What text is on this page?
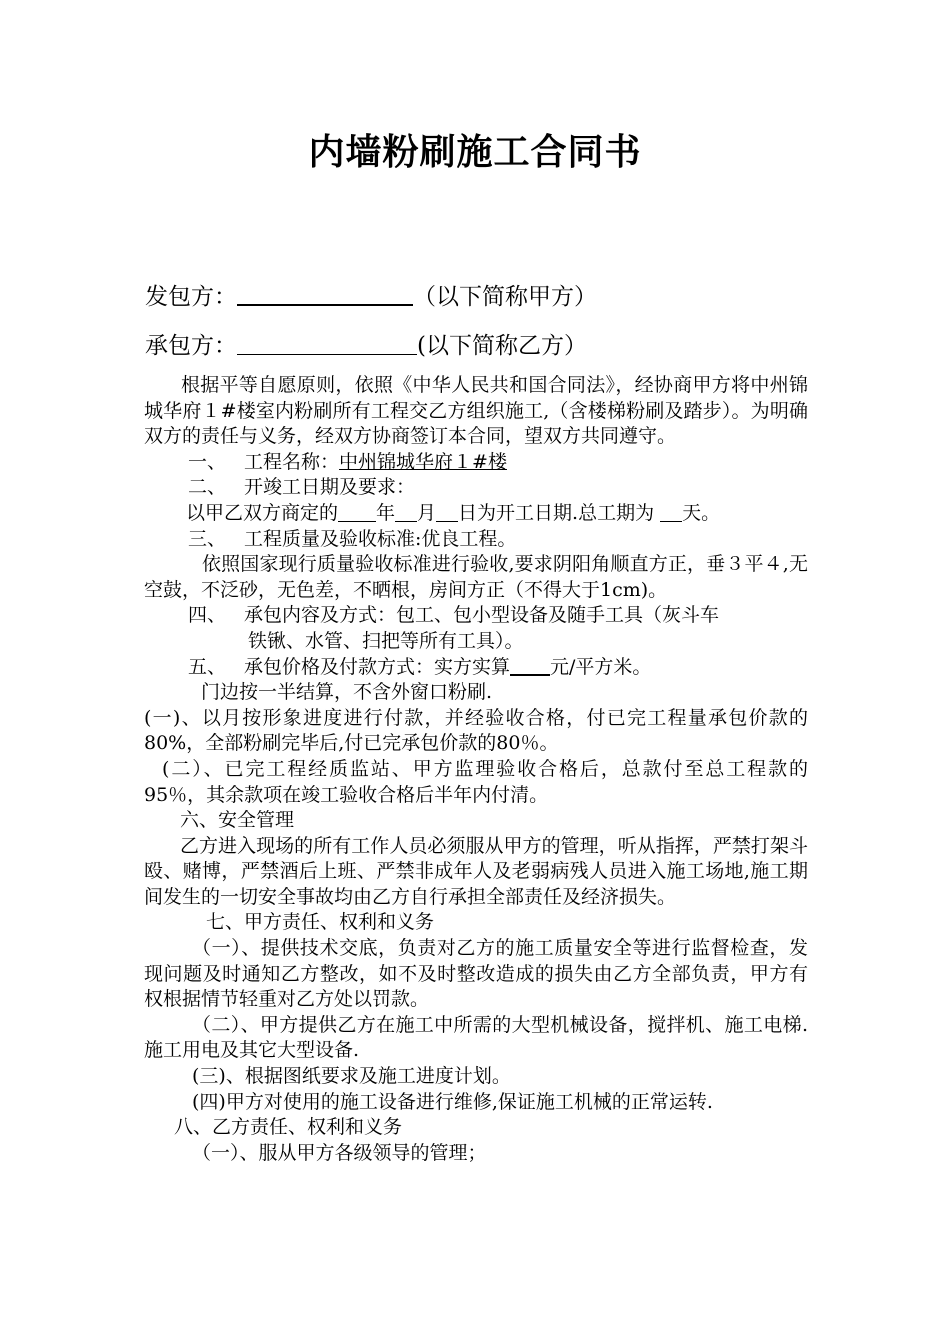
内墙粉刷施工合同书
发包方：	（以下简称甲方）
承包方：	(以下简称乙方）

根据平等自愿原则，依照《中华人民共和国合同法》，经协商甲方将中州锦城华府１#楼室内粉刷所有工程交乙方组织施工,（含楼梯粉刷及踏步）。为明确双方的责任与义务，经双方协商签订本合同，望双方共同遵守。

一、 工程名称：中州锦城华府１#楼

二、 开竣工日期及要求：

以甲乙双方商定的 年 月 日为开工日期.总工期为 天。

三、 工程质量及验收标准:优良工程。

依照国家现行质量验收标准进行验收,要求阴阳角顺直方正，垂３平４,无空鼓，不泛砂，无色差，不晒根，房间方正（不得大于1cm)。

四、 承包内容及方式：包工、包小型设备及随手工具（灰斗车
铁锹、水管、扫把等所有工具）。

五、 承包价格及付款方式：实方实算 元/平方米。

门边按一半结算，不含外窗口粉刷.

(一)、以月按形象进度进行付款，并经验收合格，付已完工程量承包价款的80%，全部粉刷完毕后,付已完承包价款的80％。

(二）、已完工程经质监站、甲方监理验收合格后，总款付至总工程款的95％，其余款项在竣工验收合格后半年内付清。

六、安全管理

乙方进入现场的所有工作人员必须服从甲方的管理，听从指挥，严禁打架斗殴、赌博，严禁酒后上班、严禁非成年人及老弱病残人员进入施工场地,施工期间发生的一切安全事故均由乙方自行承担全部责任及经济损失。

七、甲方责任、权利和义务

（一）、提供技术交底，负责对乙方的施工质量安全等进行监督检查，发现问题及时通知乙方整改，如不及时整改造成的损失由乙方全部负责，甲方有权根据情节轻重对乙方处以罚款。

（二）、甲方提供乙方在施工中所需的大型机械设备，搅拌机、施工电梯.施工用电及其它大型设备.

(三)、根据图纸要求及施工进度计划。

(四)甲方对使用的施工设备进行维修,保证施工机械的正常运转.

八、乙方责任、权利和义务

（一）、服从甲方各级领导的管理；
